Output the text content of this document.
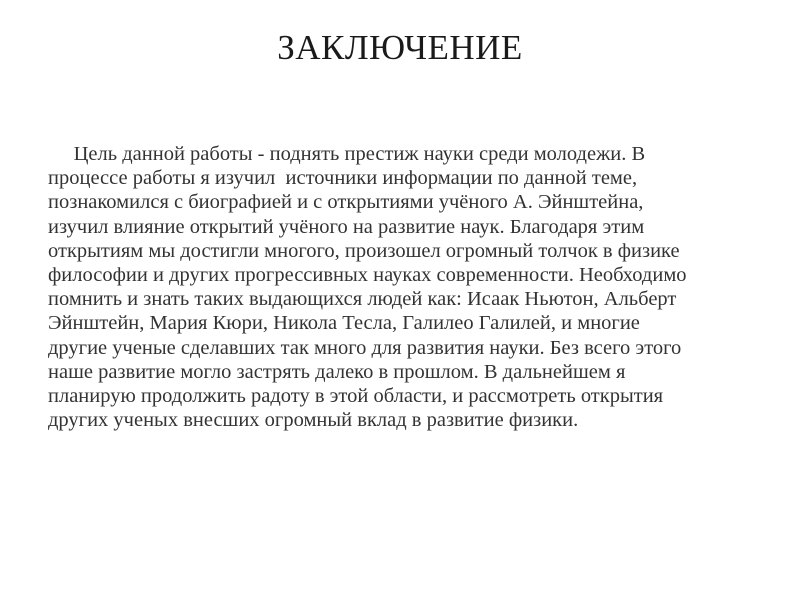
ЗАКЛЮЧЕНИЕ
Цель данной работы - поднять престиж науки среди молодежи. В
процессе работы я изучил  источники информации по данной теме,
познакомился с биографией и с открытиями учёного А. Эйнштейна,
изучил влияние открытий учёного на развитие наук. Благодаря этим
открытиям мы достигли многого, произошел огромный толчок в физике
философии и других прогрессивных науках современности. Необходимо
помнить и знать таких выдающихся людей как: Исаак Ньютон, Альберт
Эйнштейн, Мария Кюри, Никола Тесла, Галилео Галилей, и многие
другие ученые сделавших так много для развития науки. Без всего этого
наше развитие могло застрять далеко в прошлом. В дальнейшем я
планирую продолжить радоту в этой области, и рассмотреть открытия
других ученых внесших огромный вклад в развитие физики.
